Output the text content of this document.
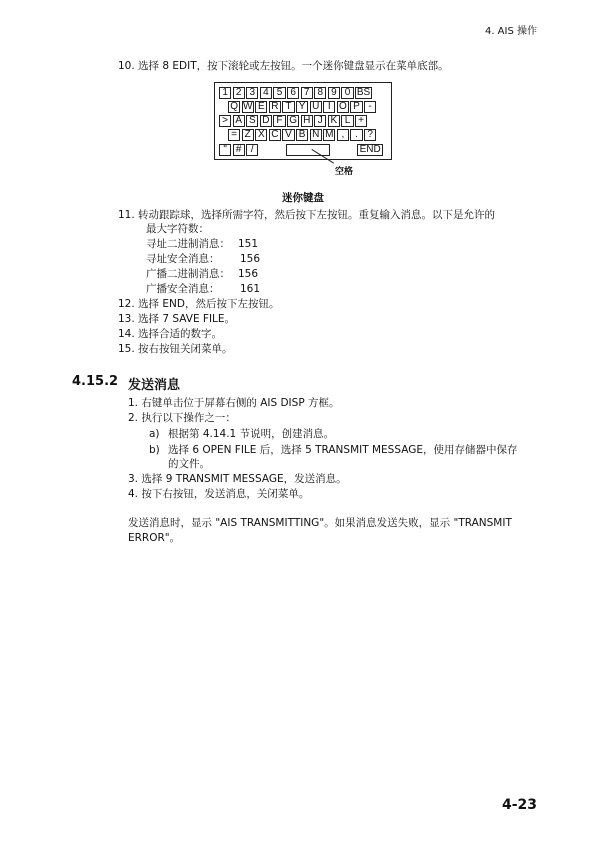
4. AIS 操作
10. 选择 8 EDIT，按下滚轮或左按钮。一个迷你键盘显示在菜单底部。
1 2 3 4 5 6 7 8 9 0 BS
Q W E R T Y U I O P -
> A S D F G H J K L +
= Z X C V B N M ,	. ?
" # /	END
空格
迷你键盘
11. 转动跟踪球，选择所需字符，然后按下左按钮。重复输入消息。以下是允许的
最大字符数：
寻址二进制消息： 151
寻址安全消息： 156
广播二进制消息： 156
广播安全消息： 161
12. 选择 END，然后按下左按钮。
13. 选择 7 SAVE FILE。
14. 选择合适的数字。
15. 按右按钮关闭菜单。
4.15.2 发送消息
1. 右键单击位于屏幕右侧的 AIS DISP 方框。
2. 执行以下操作之一：
a) 根据第 4.14.1 节说明，创建消息。
b) 选择 6 OPEN FILE 后，选择 5 TRANSMIT MESSAGE，使用存储器中保存
的文件。
3. 选择 9 TRANSMIT MESSAGE，发送消息。
4. 按下右按钮，发送消息，关闭菜单。
发送消息时，显示 "AIS TRANSMITTING"。如果消息发送失败，显示 "TRANSMIT
ERROR"。
4-23
